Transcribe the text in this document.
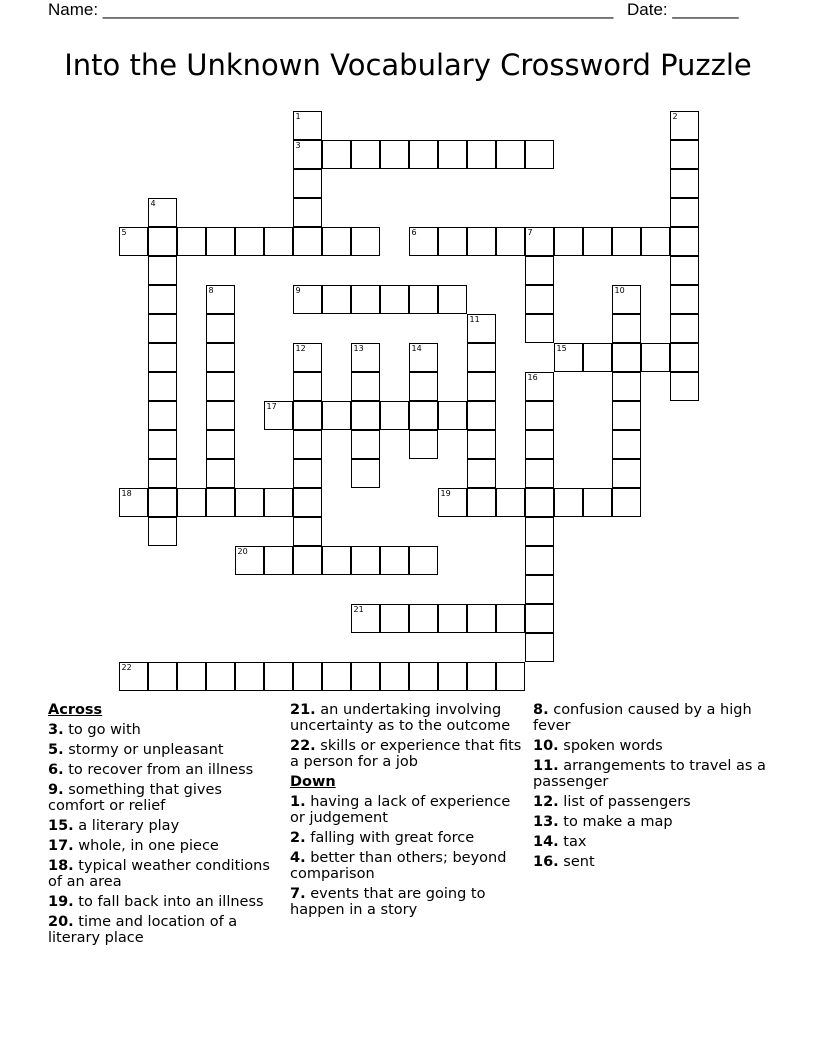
Name: ______________________________________________________ Date: _______
Into the Unknown Vocabulary Crossword Puzzle
1	2
3
4
5	6	7
8	9	10
11
12	13	14	15
16
17
18	19
20
21
22
Across
3. to go with
5. stormy or unpleasant
6. to recover from an illness
9. something that gives comfort or relief
15. a literary play
17. whole, in one piece
18. typical weather conditions of an area
19. to fall back into an illness
20. time and location of a literary place
21. an undertaking involving uncertainty as to the outcome
22. skills or experience that fits a person for a job
Down
1. having a lack of experience or judgement
2. falling with great force
4. better than others; beyond comparison
7. events that are going to happen in a story
8. confusion caused by a high fever
10. spoken words
11. arrangements to travel as a passenger
12. list of passengers
13. to make a map
14. tax
16. sent
